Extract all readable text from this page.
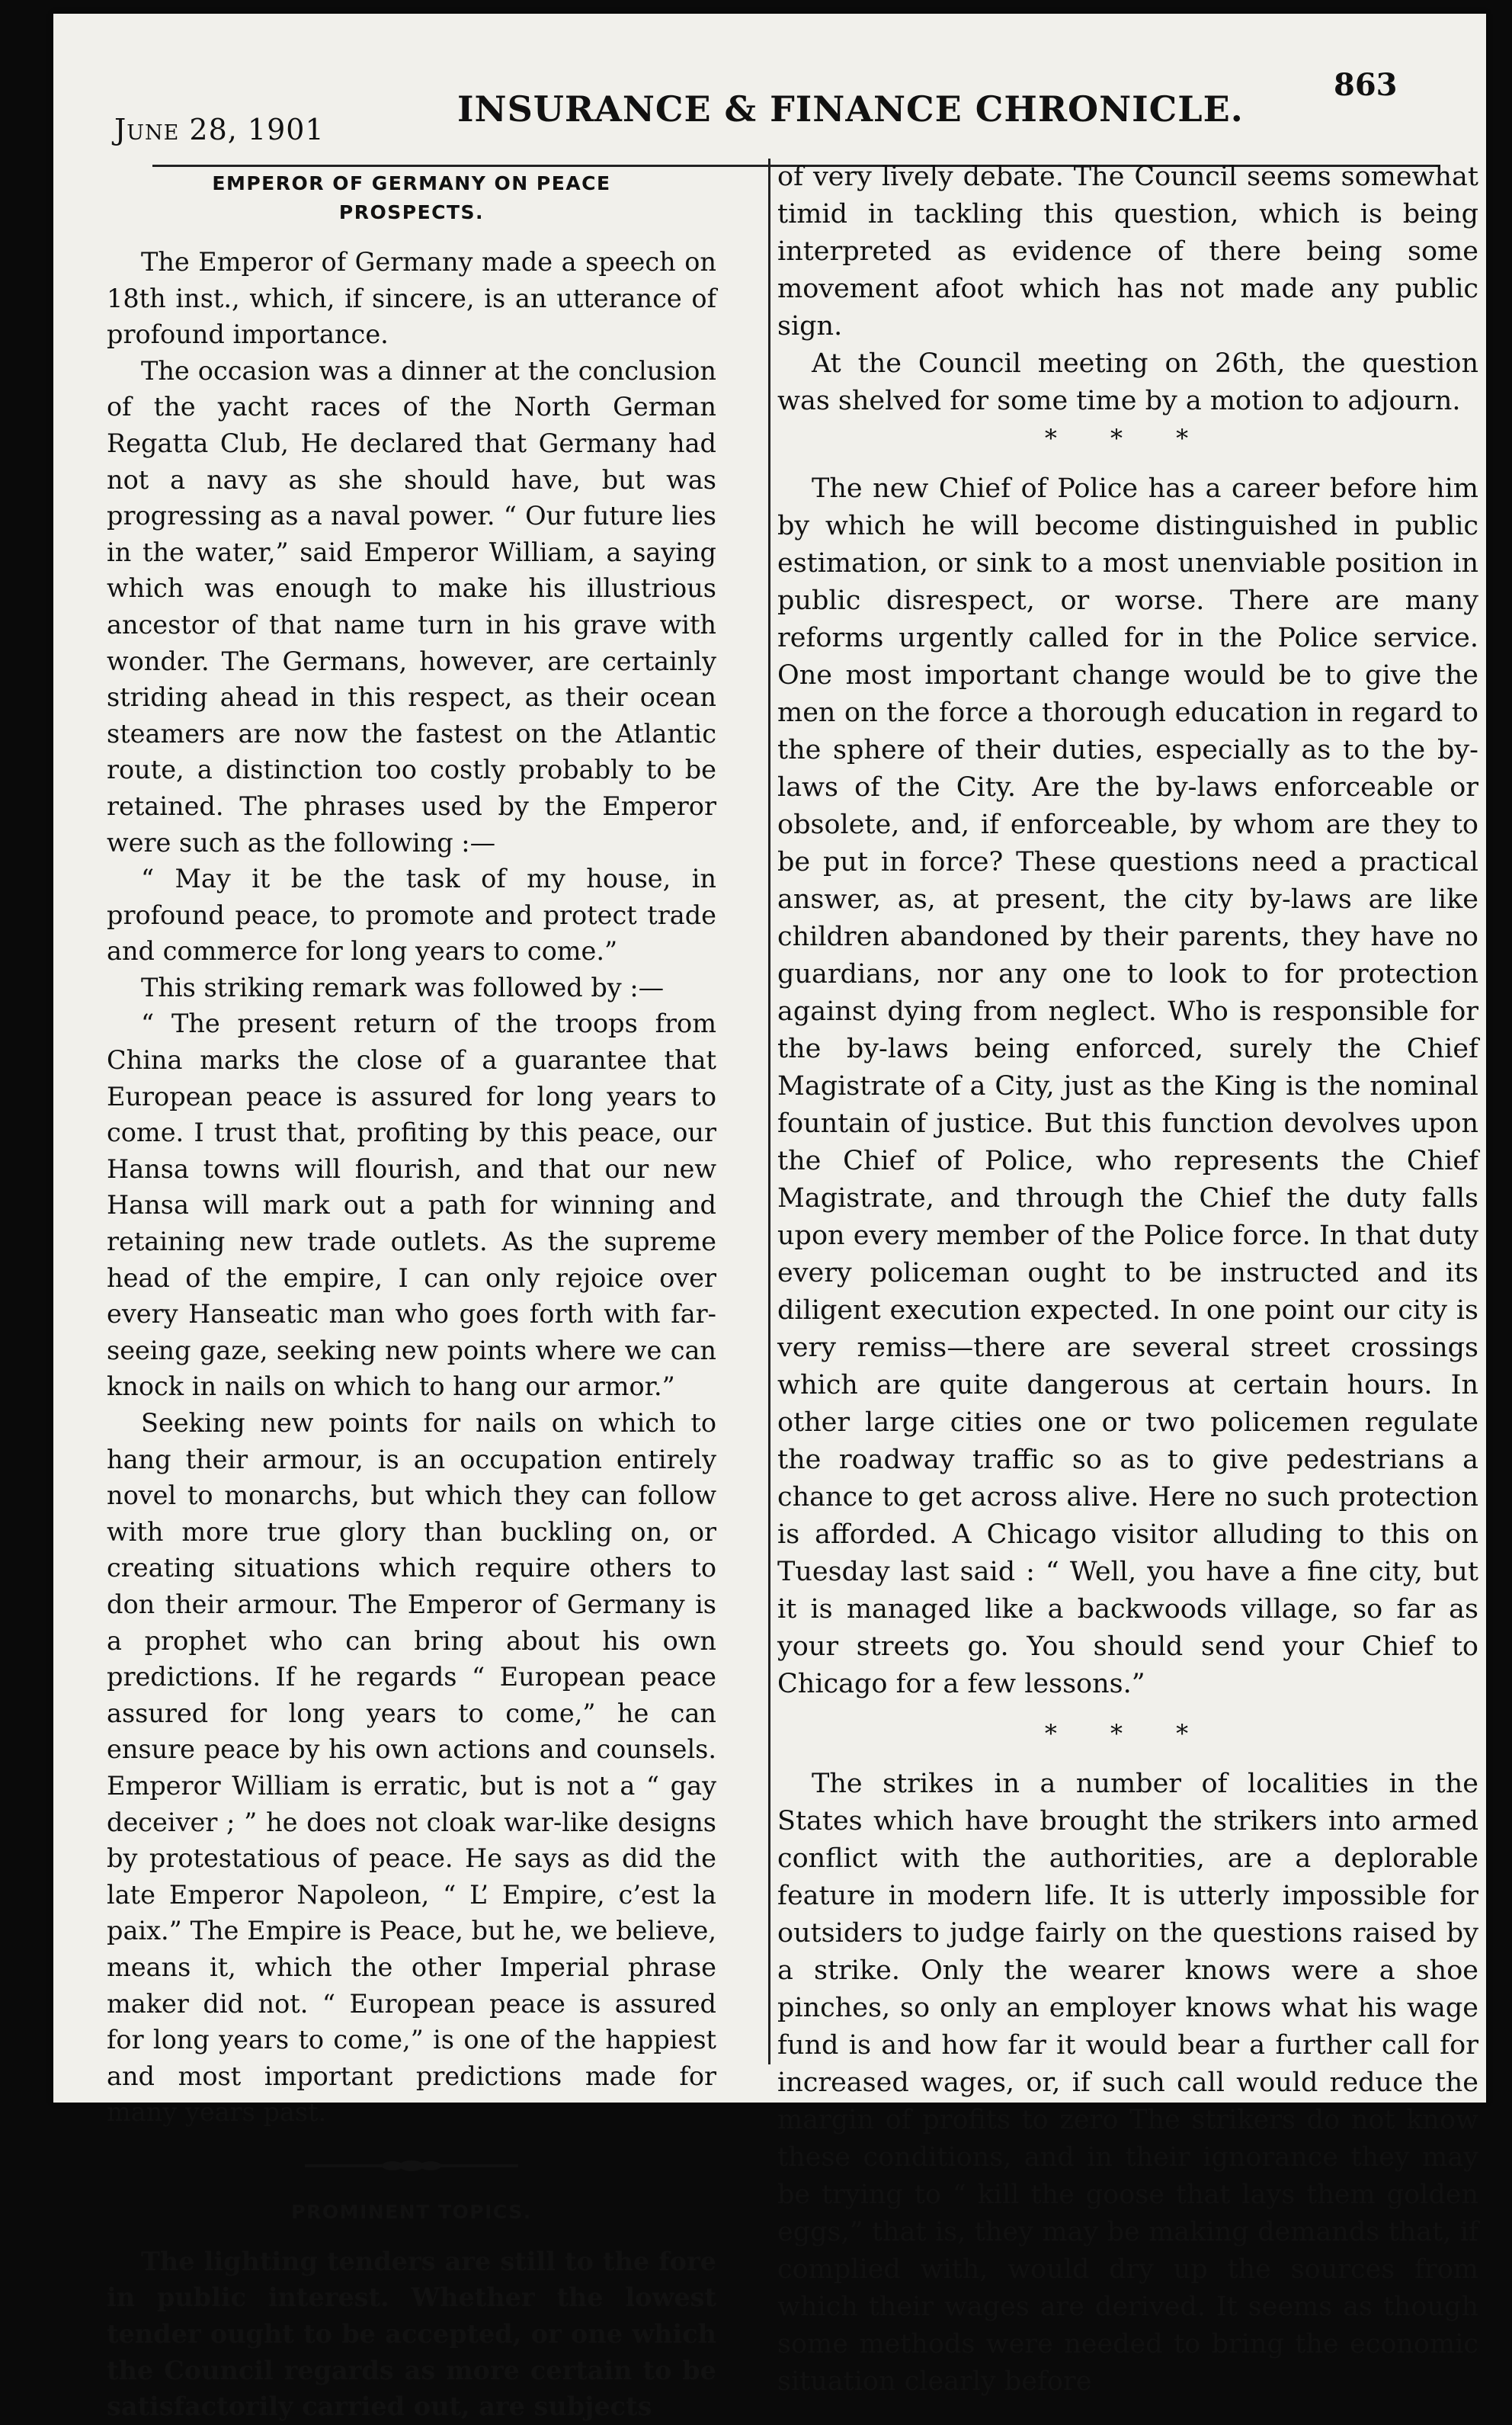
June 28, 1901	INSURANCE & FINANCE CHRONICLE.
863
EMPEROR OF GERMANY ON PEACE
PROSPECTS.

The Emperor of Germany made a speech on 18th inst., which, if sincere, is an utterance of profound importance.

The occasion was a dinner at the conclusion of the yacht races of the North German Regatta Club, He declared that Germany had not a navy as she should have, but was progressing as a naval power. “ Our future lies in the water,” said Emperor William, a saying which was enough to make his illustrious ancestor of that name turn in his grave with wonder. The Germans, however, are certainly striding ahead in this respect, as their ocean steamers are now the fastest on the Atlantic route, a distinction too costly probably to be retained. The phrases used by the Emperor were such as the following :—

“ May it be the task of my house, in profound peace, to promote and protect trade and commerce for long years to come.”

This striking remark was followed by :—

“ The present return of the troops from China marks the close of a guarantee that European peace is assured for long years to come. I trust that, profiting by this peace, our Hansa towns will flourish, and that our new Hansa will mark out a path for winning and retaining new trade outlets. As the supreme head of the empire, I can only rejoice over every Hanseatic man who goes forth with far-seeing gaze, seeking new points where we can knock in nails on which to hang our armor.”

Seeking new points for nails on which to hang their armour, is an occupation entirely novel to monarchs, but which they can follow with more true glory than buckling on, or creating situations which require others to don their armour. The Emperor of Germany is a prophet who can bring about his own predictions. If he regards “ European peace assured for long years to come,” he can ensure peace by his own actions and counsels. Emperor William is erratic, but is not a “ gay deceiver ; ” he does not cloak war-like designs by protestatious of peace. He says as did the late Emperor Napoleon, “ L’ Empire, c’est la paix.” The Empire is Peace, but he, we believe, means it, which the other Imperial phrase maker did not. “ European peace is assured for long years to come,” is one of the happiest and most important predictions made for many years past.

PROMINENT TOPICS.

The lighting tenders are still to the fore in public interest. Whether the lowest tender ought to be accepted, or one which the Council regards as more certain to be satisfactorily carried out, are subjects

of very lively debate. The Council seems somewhat timid in tackling this question, which is being interpreted as evidence of there being some movement afoot which has not made any public sign.

At the Council meeting on 26th, the question was shelved for some time by a motion to adjourn.

* * *

The new Chief of Police has a career before him by which he will become distinguished in public estimation, or sink to a most unenviable position in public disrespect, or worse. There are many reforms urgently called for in the Police service. One most important change would be to give the men on the force a thorough education in regard to the sphere of their duties, especially as to the by-laws of the City. Are the by-laws enforceable or obsolete, and, if enforceable, by whom are they to be put in force? These questions need a practical answer, as, at present, the city by-laws are like children abandoned by their parents, they have no guardians, nor any one to look to for protection against dying from neglect. Who is responsible for the by-laws being enforced, surely the Chief Magistrate of a City, just as the King is the nominal fountain of justice. But this function devolves upon the Chief of Police, who represents the Chief Magistrate, and through the Chief the duty falls upon every member of the Police force. In that duty every policeman ought to be instructed and its diligent execution expected. In one point our city is very remiss—there are several street crossings which are quite dangerous at certain hours. In other large cities one or two policemen regulate the roadway traffic so as to give pedestrians a chance to get across alive. Here no such protection is afforded. A Chicago visitor alluding to this on Tuesday last said : “ Well, you have a fine city, but it is managed like a backwoods village, so far as your streets go. You should send your Chief to Chicago for a few lessons.”

* * *

The strikes in a number of localities in the States which have brought the strikers into armed conflict with the authorities, are a deplorable feature in modern life. It is utterly impossible for outsiders to judge fairly on the questions raised by a strike. Only the wearer knows were a shoe pinches, so only an employer knows what his wage fund is and how far it would bear a further call for increased wages, or, if such call would reduce the margin of profits to zero The strikers do not know these conditions, and in their ignorance they may be trying to “ kill the goose that lays them golden eggs,” that is, they may be making demands that, if complied with, would dry up the sources from which their wages are derived. It seems as though some methods were needed to bring the economic situation clearly before
